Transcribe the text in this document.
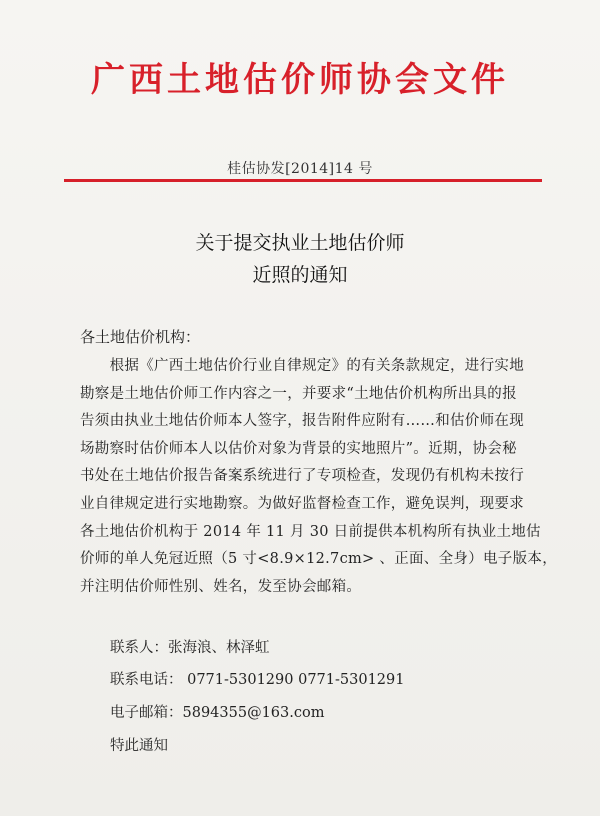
广西土地估价师协会文件
桂估协发[2014]14 号
关于提交执业土地估价师
近照的通知
各土地估价机构：
　　根据《广西土地估价行业自律规定》的有关条款规定，进行实地
勘察是土地估价师工作内容之一，并要求“土地估价机构所出具的报
告须由执业土地估价师本人签字，报告附件应附有……和估价师在现
场勘察时估价师本人以估价对象为背景的实地照片”。近期，协会秘
书处在土地估价报告备案系统进行了专项检查，发现仍有机构未按行
业自律规定进行实地勘察。为做好监督检查工作，避免误判，现要求
各土地估价机构于 2014 年 11 月 30 日前提供本机构所有执业土地估
价师的单人免冠近照（5 寸<8.9×12.7cm> 、正面、全身）电子版本，
并注明估价师性别、姓名，发至协会邮箱。
联系人：张海浪、林泽虹
联系电话： 0771-5301290 0771-5301291
电子邮箱：5894355@163.com
特此通知
